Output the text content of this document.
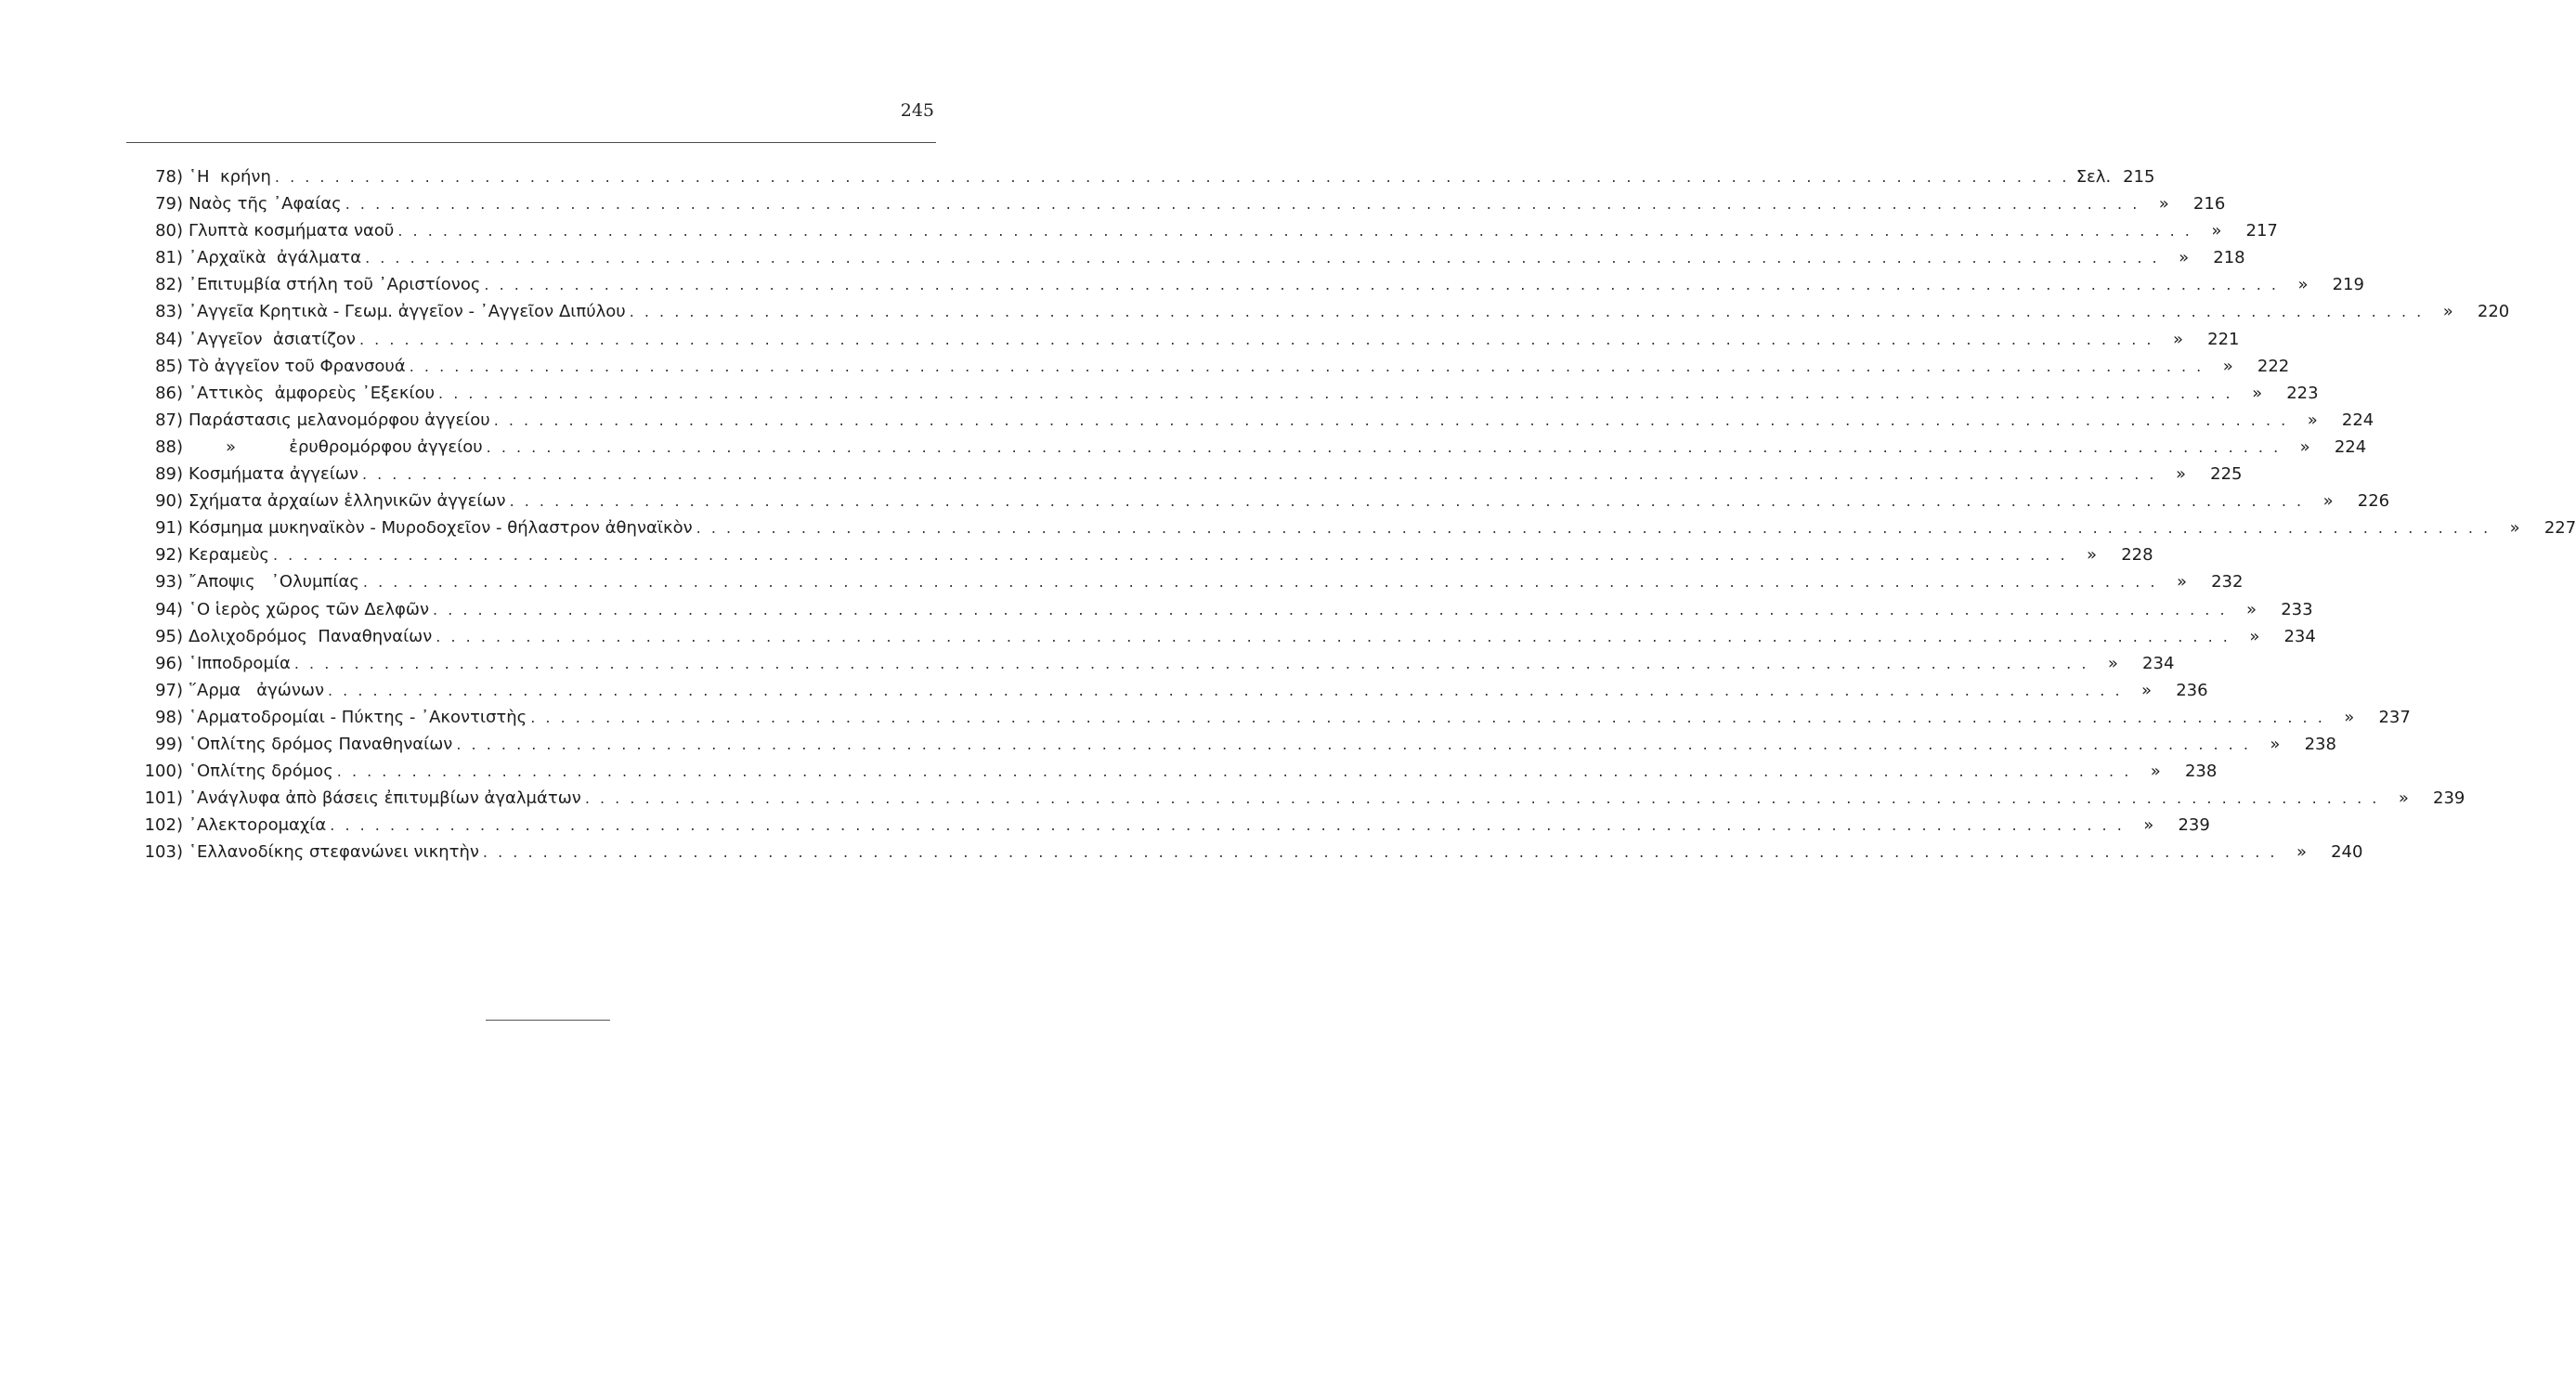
245
78) ῾Η  κρήνη . . . . . . . . . . . . . . . . . . . . . . . . . . . . . . . . . . . . . . . . . . . . . . . . . . . . . . . . . . . . . . . . . . . . . . . . . . . . . . . . . . . . . . . . . . . . . . . . . . . . . . . . . . . . . . . . . . . . . . . . Σελ. 215
79) Ναὸς τῆς ᾿Αφαίας . . . . . . . . . . . . . . . . . . . . . . . . . . . . . . . . . . . . . . . . . . . . . . . . . . . . . . . . . . . . . . . . . . . . . . . . . . . . . . . . . . . . . . . . . . . . . . . . . . . . . . . . . . . . . . . . . . . . . . . .	»	216
80) Γλυπτὰ κοσμήματα ναοῦ . . . . . . . . . . . . . . . . . . . . . . . . . . . . . . . . . . . . . . . . . . . . . . . . . . . . . . . . . . . . . . . . . . . . . . . . . . . . . . . . . . . . . . . . . . . . . . . . . . . . . . . . . . . . . . . . . . . . . . . .	»	217
81) ᾿Αρχαϊκὰ  ἀγάλματα . . . . . . . . . . . . . . . . . . . . . . . . . . . . . . . . . . . . . . . . . . . . . . . . . . . . . . . . . . . . . . . . . . . . . . . . . . . . . . . . . . . . . . . . . . . . . . . . . . . . . . . . . . . . . . . . . . . . . . . .	»	218
82) ᾿Επιτυμβία στήλη τοῦ ᾿Αριστίονος . . . . . . . . . . . . . . . . . . . . . . . . . . . . . . . . . . . . . . . . . . . . . . . . . . . . . . . . . . . . . . . . . . . . . . . . . . . . . . . . . . . . . . . . . . . . . . . . . . . . . . . . . . . . . . . . . . . . . . . .	»	219
83) ᾿Αγγεῖα Κρητικὰ - Γεωμ. ἀγγεῖον - ᾿Αγγεῖον Διπύλου . . . . . . . . . . . . . . . . . . . . . . . . . . . . . . . . . . . . . . . . . . . . . . . . . . . . . . . . . . . . . . . . . . . . . . . . . . . . . . . . . . . . . . . . . . . . . . . . . . . . . . . . . . . . . . . . . . . . . . . .	»	220
84) ᾿Αγγεῖον  ἀσιατίζον . . . . . . . . . . . . . . . . . . . . . . . . . . . . . . . . . . . . . . . . . . . . . . . . . . . . . . . . . . . . . . . . . . . . . . . . . . . . . . . . . . . . . . . . . . . . . . . . . . . . . . . . . . . . . . . . . . . . . . . .	»	221
85) Τὸ ἀγγεῖον τοῦ Φρανσουά . . . . . . . . . . . . . . . . . . . . . . . . . . . . . . . . . . . . . . . . . . . . . . . . . . . . . . . . . . . . . . . . . . . . . . . . . . . . . . . . . . . . . . . . . . . . . . . . . . . . . . . . . . . . . . . . . . . . . . . .	»	222
86) ᾿Αττικὸς  ἀμφορεὺς ᾿Εξεκίου . . . . . . . . . . . . . . . . . . . . . . . . . . . . . . . . . . . . . . . . . . . . . . . . . . . . . . . . . . . . . . . . . . . . . . . . . . . . . . . . . . . . . . . . . . . . . . . . . . . . . . . . . . . . . . . . . . . . . . . .	»	223
87) Παράστασις μελανομόρφου ἀγγείου . . . . . . . . . . . . . . . . . . . . . . . . . . . . . . . . . . . . . . . . . . . . . . . . . . . . . . . . . . . . . . . . . . . . . . . . . . . . . . . . . . . . . . . . . . . . . . . . . . . . . . . . . . . . . . . . . . . . . . . .	»	224
88) »          ἐρυθρομόρφου ἀγγείου . . . . . . . . . . . . . . . . . . . . . . . . . . . . . . . . . . . . . . . . . . . . . . . . . . . . . . . . . . . . . . . . . . . . . . . . . . . . . . . . . . . . . . . . . . . . . . . . . . . . . . . . . . . . . . . . . . . . . . . .	»	224
89) Κοσμήματα ἀγγείων . . . . . . . . . . . . . . . . . . . . . . . . . . . . . . . . . . . . . . . . . . . . . . . . . . . . . . . . . . . . . . . . . . . . . . . . . . . . . . . . . . . . . . . . . . . . . . . . . . . . . . . . . . . . . . . . . . . . . . . .	»	225
90) Σχήματα ἀρχαίων ἑλληνικῶν ἀγγείων . . . . . . . . . . . . . . . . . . . . . . . . . . . . . . . . . . . . . . . . . . . . . . . . . . . . . . . . . . . . . . . . . . . . . . . . . . . . . . . . . . . . . . . . . . . . . . . . . . . . . . . . . . . . . . . . . . . . . . . .	»	226
91) Κόσμημα μυκηναϊκὸν - Μυροδοχεῖον - θήλαστρον ἀθηναϊκὸν . . . . . . . . . . . . . . . . . . . . . . . . . . . . . . . . . . . . . . . . . . . . . . . . . . . . . . . . . . . . . . . . . . . . . . . . . . . . . . . . . . . . . . . . . . . . . . . . . . . . . . . . . . . . . . . . . . . . . . . .	»	227
92) Κεραμεὺς . . . . . . . . . . . . . . . . . . . . . . . . . . . . . . . . . . . . . . . . . . . . . . . . . . . . . . . . . . . . . . . . . . . . . . . . . . . . . . . . . . . . . . . . . . . . . . . . . . . . . . . . . . . . . . . . . . . . . . . .	»	228
93) ῎Αποψις   ᾿Ολυμπίας . . . . . . . . . . . . . . . . . . . . . . . . . . . . . . . . . . . . . . . . . . . . . . . . . . . . . . . . . . . . . . . . . . . . . . . . . . . . . . . . . . . . . . . . . . . . . . . . . . . . . . . . . . . . . . . . . . . . . . . .	»	232
94) ῾Ο ἱερὸς χῶρος τῶν Δελφῶν . . . . . . . . . . . . . . . . . . . . . . . . . . . . . . . . . . . . . . . . . . . . . . . . . . . . . . . . . . . . . . . . . . . . . . . . . . . . . . . . . . . . . . . . . . . . . . . . . . . . . . . . . . . . . . . . . . . . . . . .	»	233
95) Δολιχοδρόμος  Παναθηναίων . . . . . . . . . . . . . . . . . . . . . . . . . . . . . . . . . . . . . . . . . . . . . . . . . . . . . . . . . . . . . . . . . . . . . . . . . . . . . . . . . . . . . . . . . . . . . . . . . . . . . . . . . . . . . . . . . . . . . . . .	»	234
96) ῾Ιπποδρομία . . . . . . . . . . . . . . . . . . . . . . . . . . . . . . . . . . . . . . . . . . . . . . . . . . . . . . . . . . . . . . . . . . . . . . . . . . . . . . . . . . . . . . . . . . . . . . . . . . . . . . . . . . . . . . . . . . . . . . . .	»	234
97) ῞Αρμα   ἀγώνων . . . . . . . . . . . . . . . . . . . . . . . . . . . . . . . . . . . . . . . . . . . . . . . . . . . . . . . . . . . . . . . . . . . . . . . . . . . . . . . . . . . . . . . . . . . . . . . . . . . . . . . . . . . . . . . . . . . . . . . .	»	236
98) ῾Αρματοδρομίαι - Πύκτης - ᾿Ακοντιστὴς . . . . . . . . . . . . . . . . . . . . . . . . . . . . . . . . . . . . . . . . . . . . . . . . . . . . . . . . . . . . . . . . . . . . . . . . . . . . . . . . . . . . . . . . . . . . . . . . . . . . . . . . . . . . . . . . . . . . . . . .	»	237
99) ῾Οπλίτης δρόμος Παναθηναίων . . . . . . . . . . . . . . . . . . . . . . . . . . . . . . . . . . . . . . . . . . . . . . . . . . . . . . . . . . . . . . . . . . . . . . . . . . . . . . . . . . . . . . . . . . . . . . . . . . . . . . . . . . . . . . . . . . . . . . . .	»	238
100) ῾Οπλίτης δρόμος . . . . . . . . . . . . . . . . . . . . . . . . . . . . . . . . . . . . . . . . . . . . . . . . . . . . . . . . . . . . . . . . . . . . . . . . . . . . . . . . . . . . . . . . . . . . . . . . . . . . . . . . . . . . . . . . . . . . . . . .	»	238
101) ᾿Ανάγλυφα ἀπὸ βάσεις ἐπιτυμβίων ἀγαλμάτων . . . . . . . . . . . . . . . . . . . . . . . . . . . . . . . . . . . . . . . . . . . . . . . . . . . . . . . . . . . . . . . . . . . . . . . . . . . . . . . . . . . . . . . . . . . . . . . . . . . . . . . . . . . . . . . . . . . . . . . .	»	239
102) ᾿Αλεκτορομαχία . . . . . . . . . . . . . . . . . . . . . . . . . . . . . . . . . . . . . . . . . . . . . . . . . . . . . . . . . . . . . . . . . . . . . . . . . . . . . . . . . . . . . . . . . . . . . . . . . . . . . . . . . . . . . . . . . . . . . . . .	»	239
103) ῾Ελλανοδίκης στεφανώνει νικητὴν . . . . . . . . . . . . . . . . . . . . . . . . . . . . . . . . . . . . . . . . . . . . . . . . . . . . . . . . . . . . . . . . . . . . . . . . . . . . . . . . . . . . . . . . . . . . . . . . . . . . . . . . . . . . . . . . . . . . . . . .	»	240
